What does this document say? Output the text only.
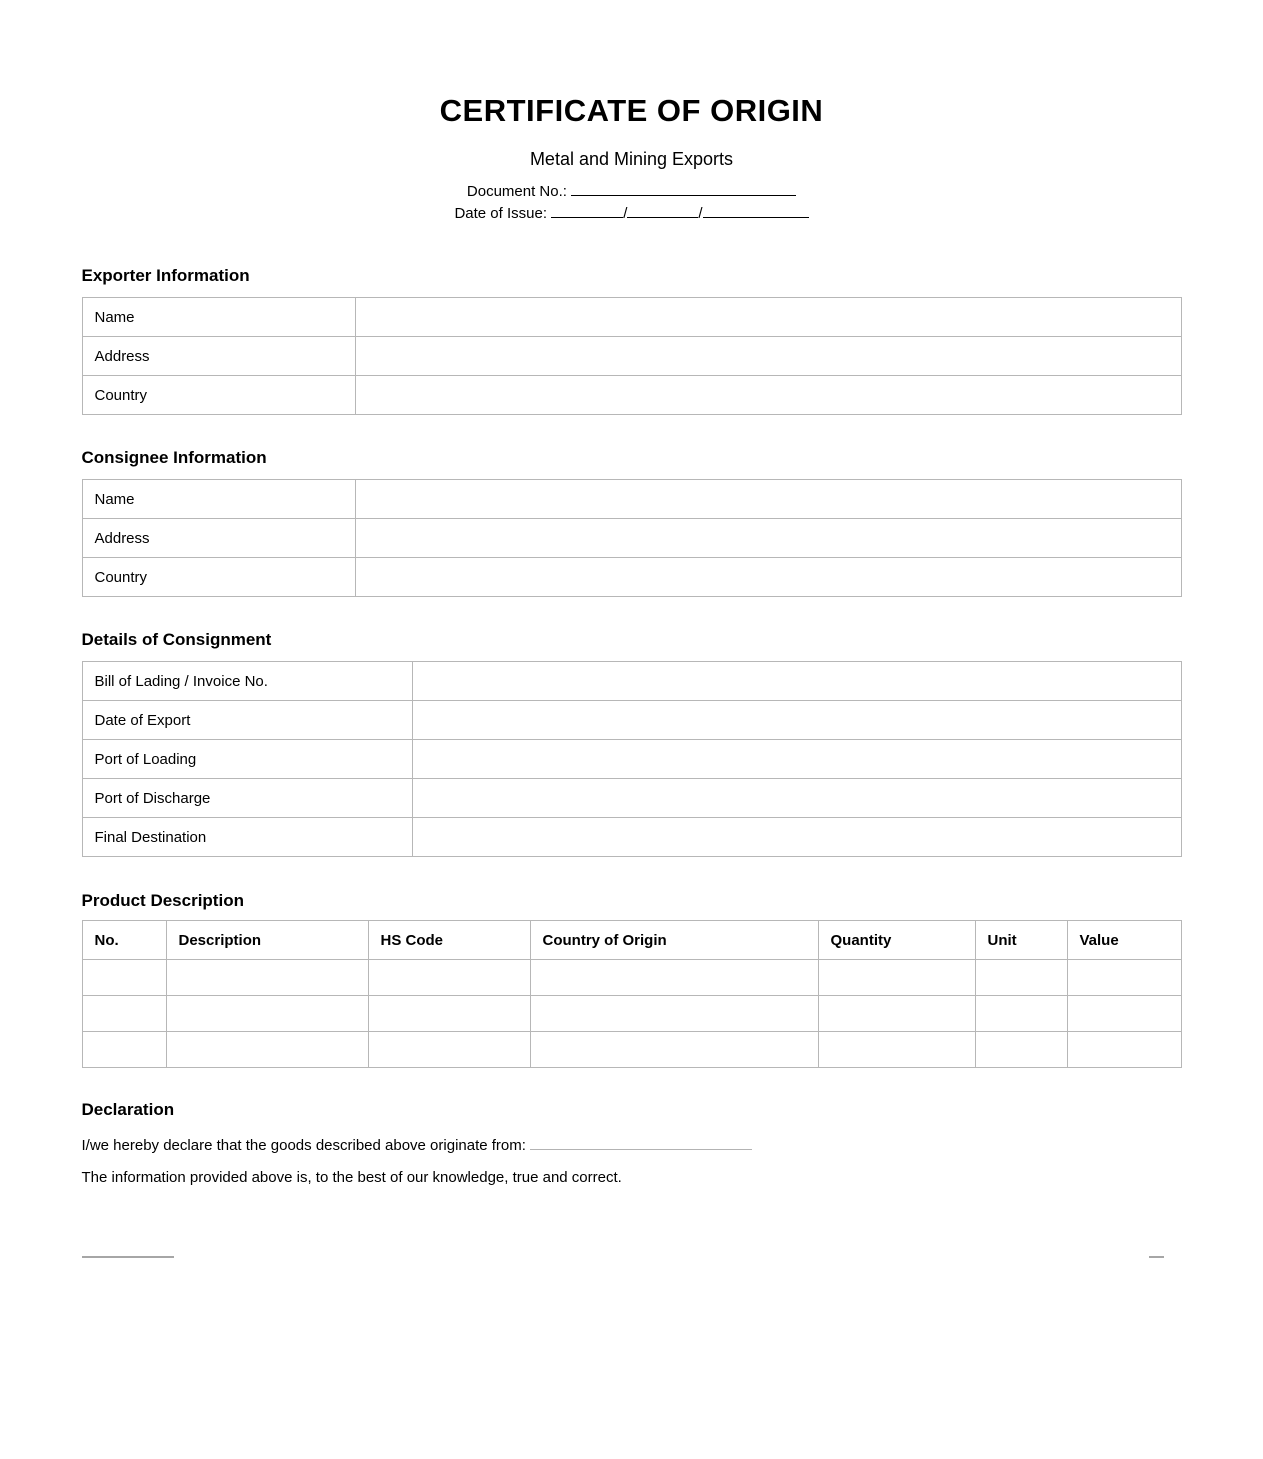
CERTIFICATE OF ORIGIN
Metal and Mining Exports
Document No.:
Date of Issue:	/	/
Exporter Information
Name	
Address	
Country	
Consignee Information
Name	
Address	
Country	
Details of Consignment
Bill of Lading / Invoice No.	
Date of Export	
Port of Loading	
Port of Discharge	
Final Destination	
Product Description
No.	Description	HS Code	Country of Origin	Quantity	Unit	Value

Declaration
I/we hereby declare that the goods described above originate from:
The information provided above is, to the best of our knowledge, true and correct.
